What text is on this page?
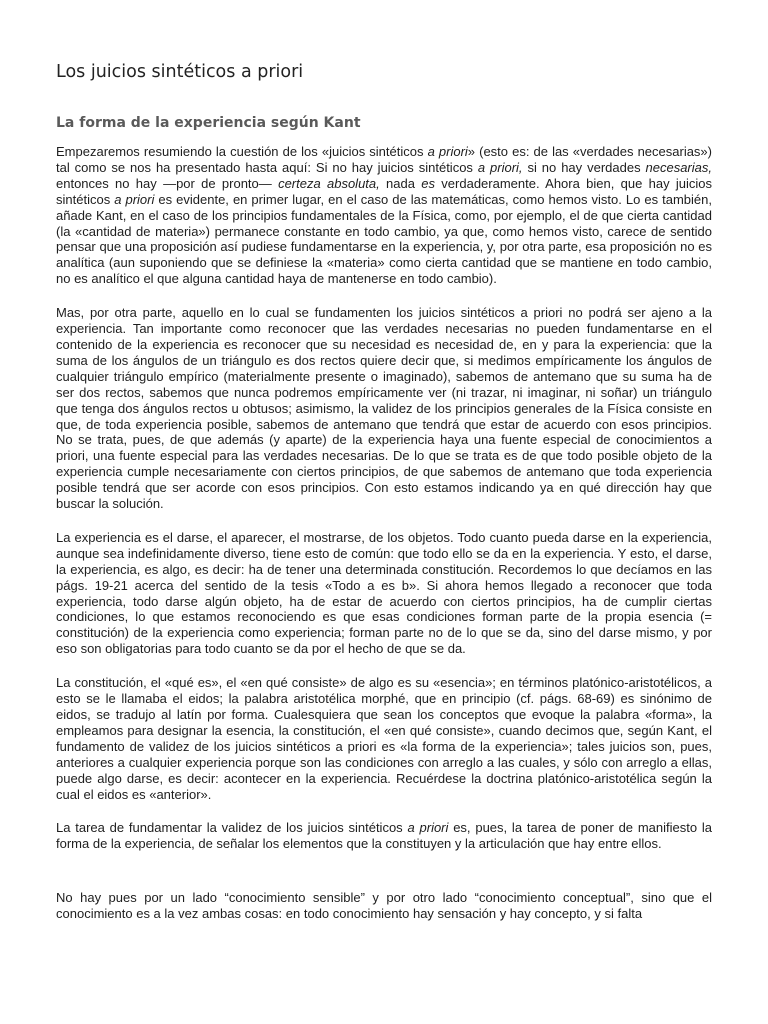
Los juicios sintéticos a priori
La forma de la experiencia según Kant

Empezaremos resumiendo la cuestión de los «juicios sintéticos a priori» (esto es: de las «verdades necesarias») tal como se nos ha presentado hasta aquí: Si no hay juicios sintéticos a priori, si no hay verdades necesarias, entonces no hay —por de pronto— certeza absoluta, nada es verdaderamente. Ahora bien, que hay juicios sintéticos a priori es evidente, en primer lugar, en el caso de las matemáticas, como hemos visto. Lo es también, añade Kant, en el caso de los principios fundamentales de la Física, como, por ejemplo, el de que cierta cantidad (la «cantidad de materia») permanece constante en todo cambio, ya que, como hemos visto, carece de sentido pensar que una proposición así pudiese fundamentarse en la experiencia, y, por otra parte, esa proposición no es analítica (aun suponiendo que se definiese la «materia» como cierta cantidad que se mantiene en todo cambio, no es analítico el que alguna cantidad haya de mantenerse en todo cambio).

Mas, por otra parte, aquello en lo cual se fundamenten los juicios sintéticos a priori no podrá ser ajeno a la experiencia. Tan importante como reconocer que las verdades necesarias no pueden fundamentarse en el contenido de la experiencia es reconocer que su necesidad es necesidad de, en y para la experiencia: que la suma de los ángulos de un triángulo es dos rectos quiere decir que, si medimos empíricamente los ángulos de cualquier triángulo empírico (materialmente presente o imaginado), sabemos de antemano que su suma ha de ser dos rectos, sabemos que nunca podremos empíricamente ver (ni trazar, ni imaginar, ni soñar) un triángulo que tenga dos ángulos rectos u obtusos; asimismo, la validez de los principios generales de la Física consiste en que, de toda experiencia posible, sabemos de antemano que tendrá que estar de acuerdo con esos principios. No se trata, pues, de que además (y aparte) de la experiencia haya una fuente especial de conocimientos a priori, una fuente especial para las verdades necesarias. De lo que se trata es de que todo posible objeto de la experiencia cumple necesariamente con ciertos principios, de que sabemos de antemano que toda experiencia posible tendrá que ser acorde con esos principios. Con esto estamos indicando ya en qué dirección hay que buscar la solución.

La experiencia es el darse, el aparecer, el mostrarse, de los objetos. Todo cuanto pueda darse en la experiencia, aunque sea indefinidamente diverso, tiene esto de común: que todo ello se da en la experiencia. Y esto, el darse, la experiencia, es algo, es decir: ha de tener una determinada constitución. Recordemos lo que decíamos en las págs. 19-21 acerca del sentido de la tesis «Todo a es b». Si ahora hemos llegado a reconocer que toda experiencia, todo darse algún objeto, ha de estar de acuerdo con ciertos principios, ha de cumplir ciertas condiciones, lo que estamos reconociendo es que esas condiciones forman parte de la propia esencia (= constitución) de la experiencia como experiencia; forman parte no de lo que se da, sino del darse mismo, y por eso son obligatorias para todo cuanto se da por el hecho de que se da.

La constitución, el «qué es», el «en qué consiste» de algo es su «esencia»; en términos platónico-aristotélicos, a esto se le llamaba el eidos; la palabra aristotélica morphé, que en principio (cf. págs. 68-69) es sinónimo de eidos, se tradujo al latín por forma. Cualesquiera que sean los conceptos que evoque la palabra «forma», la empleamos para designar la esencia, la constitución, el «en qué consiste», cuando decimos que, según Kant, el fundamento de validez de los juicios sintéticos a priori es «la forma de la experiencia»; tales juicios son, pues, anteriores a cualquier experiencia porque son las condiciones con arreglo a las cuales, y sólo con arreglo a ellas, puede algo darse, es decir: acontecer en la experiencia. Recuérdese la doctrina platónico-aristotélica según la cual el eidos es «anterior».

La tarea de fundamentar la validez de los juicios sintéticos a priori es, pues, la tarea de poner de manifiesto la forma de la experiencia, de señalar los elementos que la constituyen y la articulación que hay entre ellos.

No hay pues por un lado “conocimiento sensible” y por otro lado “conocimiento conceptual”, sino que el conocimiento es a la vez ambas cosas: en todo conocimiento hay sensación y hay concepto, y si falta
